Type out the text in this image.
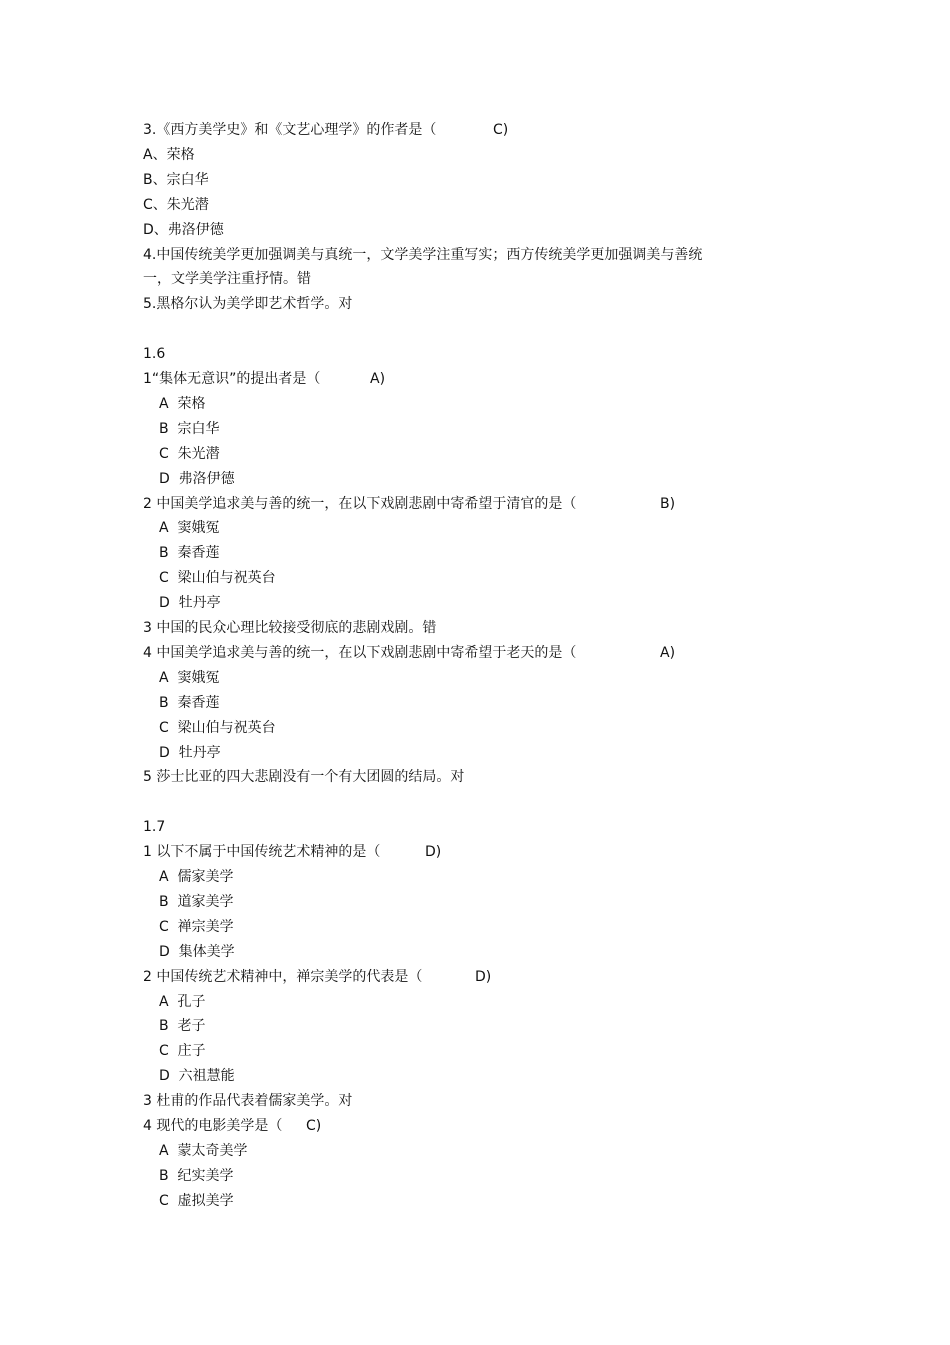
3.《西方美学史》和《文艺心理学》的作者是（	C)
A、荣格
B、宗白华
C、朱光潜
D、弗洛伊德
4.中国传统美学更加强调美与真统一，文学美学注重写实；西方传统美学更加强调美与善统
一，文学美学注重抒情。错
5.黑格尔认为美学即艺术哲学。对
1.6
1“集体无意识”的提出者是（	A)
A  荣格
B  宗白华
C  朱光潜
D  弗洛伊德
2 中国美学追求美与善的统一，在以下戏剧悲剧中寄希望于清官的是（	B)
A  窦娥冤
B  秦香莲
C  梁山伯与祝英台
D  牡丹亭
3 中国的民众心理比较接受彻底的悲剧戏剧。错
4 中国美学追求美与善的统一，在以下戏剧悲剧中寄希望于老天的是（	A)
A  窦娥冤
B  秦香莲
C  梁山伯与祝英台
D  牡丹亭
5 莎士比亚的四大悲剧没有一个有大团圆的结局。对
1.7
1 以下不属于中国传统艺术精神的是（	D)
A  儒家美学
B  道家美学
C  禅宗美学
D  集体美学
2 中国传统艺术精神中，禅宗美学的代表是（	D)
A  孔子
B  老子
C  庄子
D  六祖慧能
3 杜甫的作品代表着儒家美学。对
4 现代的电影美学是（ C)
A  蒙太奇美学
B  纪实美学
C  虚拟美学
